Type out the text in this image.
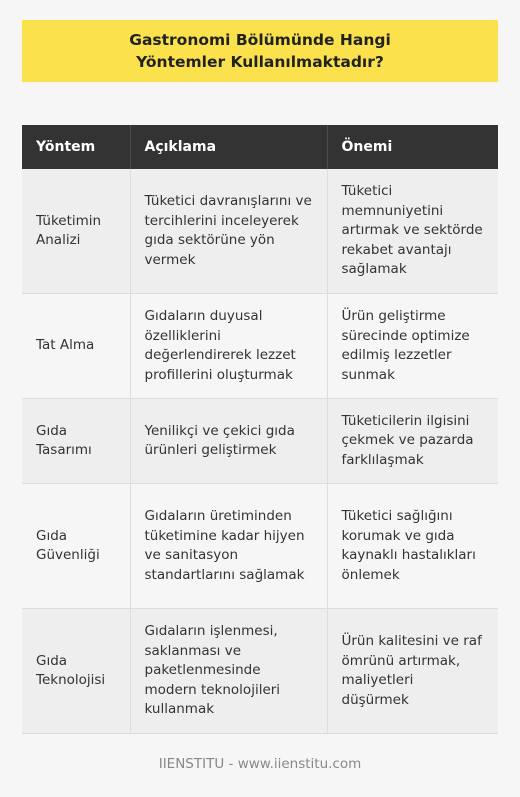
Gastronomi Bölümünde Hangi Yöntemler Kullanılmaktadır?
Yöntem	Açıklama	Önemi
Tüketimin Analizi	Tüketici davranışlarını ve tercihlerini inceleyerek gıda sektörüne yön vermek	Tüketici memnuniyetini artırmak ve sektörde rekabet avantajı sağlamak
Tat Alma	Gıdaların duyusal özelliklerini değerlendirerek lezzet profillerini oluşturmak	Ürün geliştirme sürecinde optimize edilmiş lezzetler sunmak
Gıda Tasarımı	Yenilikçi ve çekici gıda ürünleri geliştirmek	Tüketicilerin ilgisini çekmek ve pazarda farklılaşmak
Gıda Güvenliği	Gıdaların üretiminden tüketimine kadar hijyen ve sanitasyon standartlarını sağlamak	Tüketici sağlığını korumak ve gıda kaynaklı hastalıkları önlemek
Gıda Teknolojisi	Gıdaların işlenmesi, saklanması ve paketlenmesinde modern teknolojileri kullanmak	Ürün kalitesini ve raf ömrünü artırmak, maliyetleri düşürmek
IIENSTITU - www.iienstitu.com
